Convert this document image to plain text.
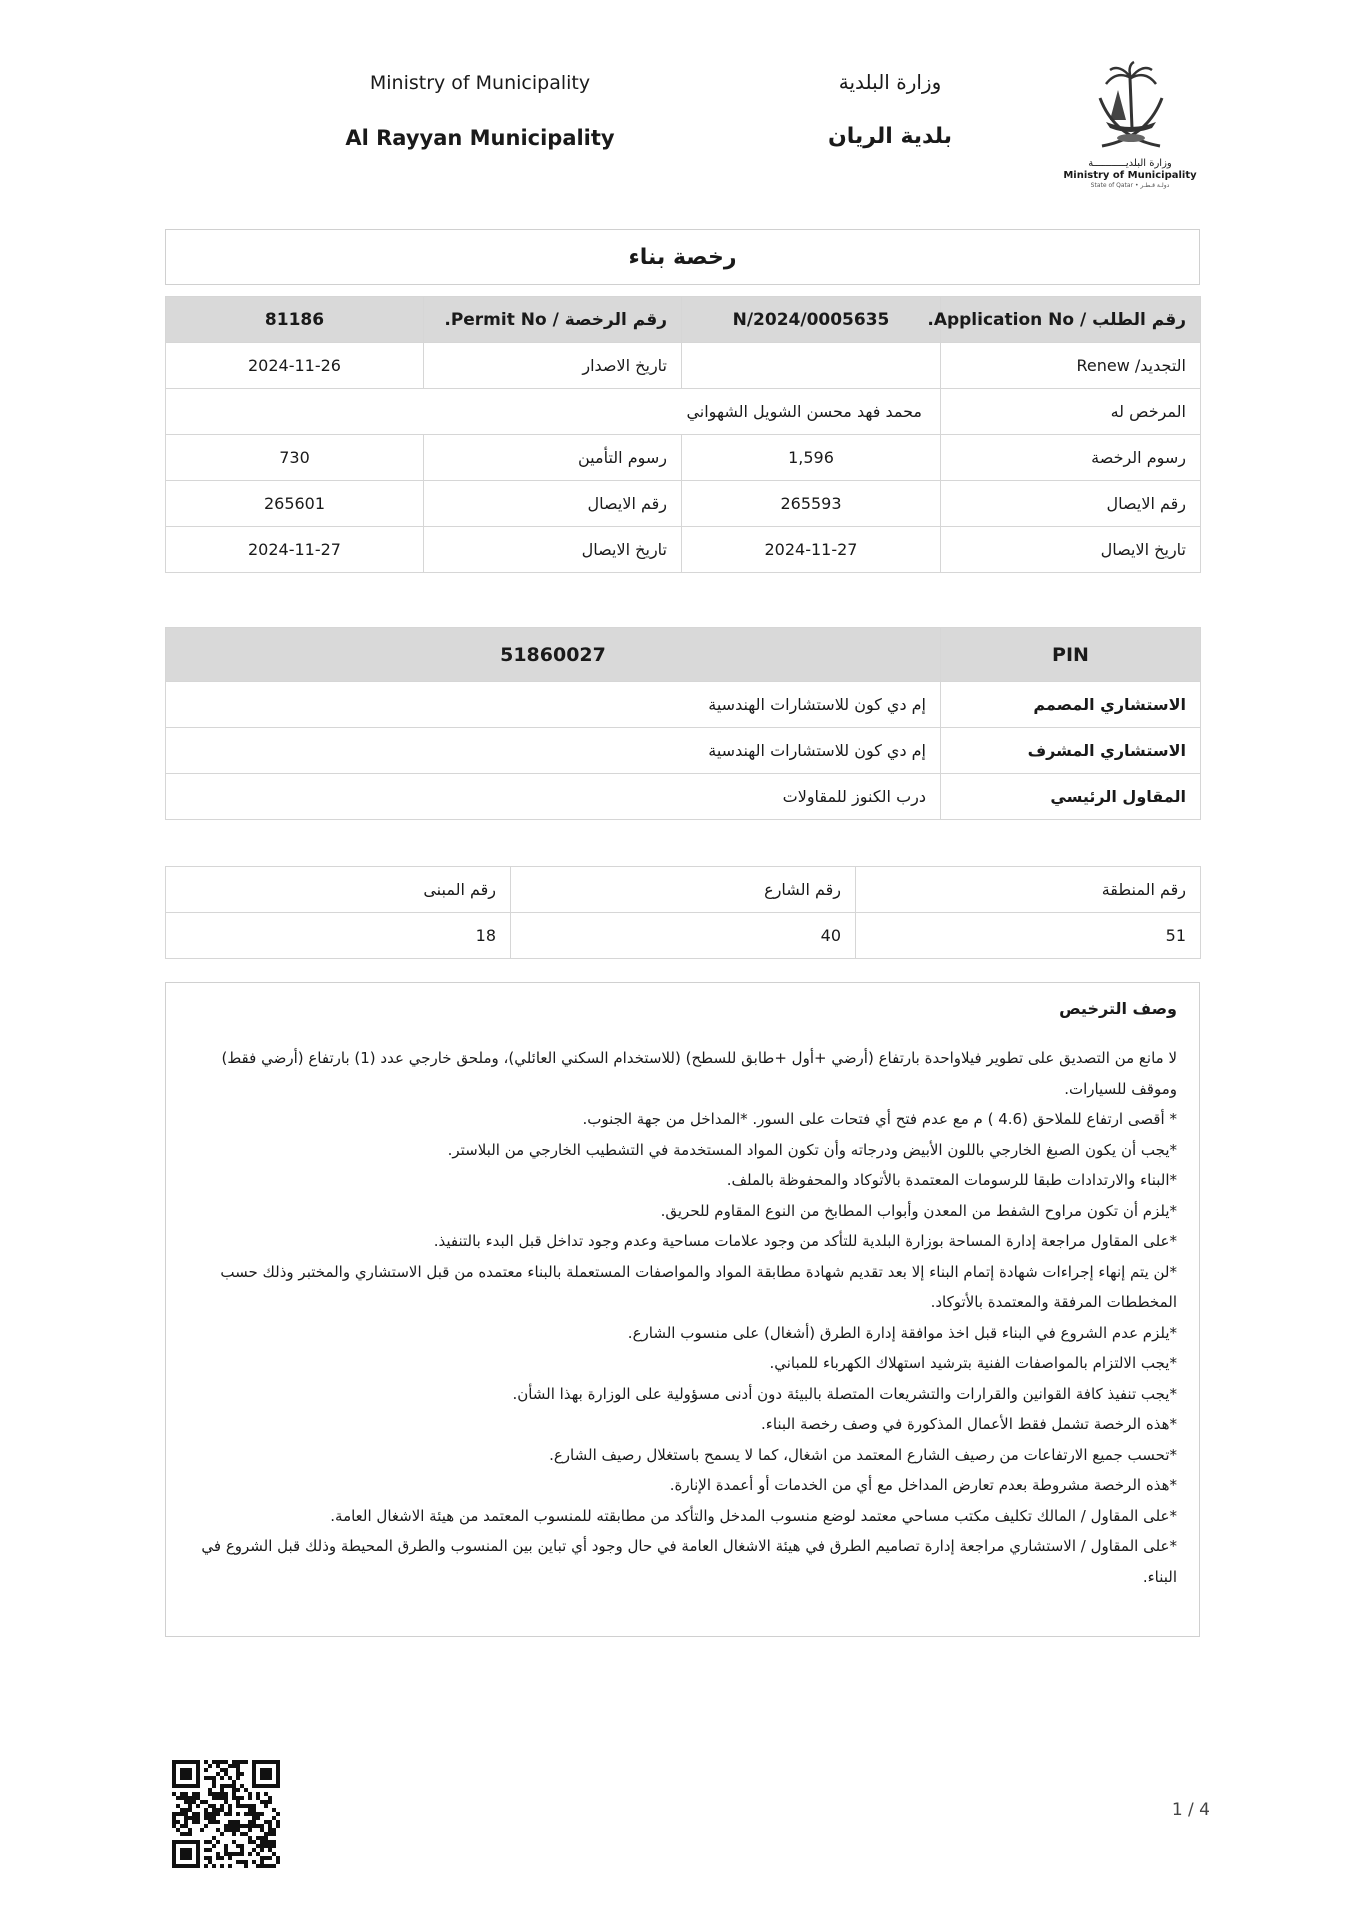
Ministry of Municipality
Al Rayyan Municipality
وزارة البلدية
بلدية الريان
وزارة البلديـــــــــــة
Ministry of Municipality
State of Qatar • دولـة قـطـر
رخصة بناء
81186	رقم الرخصة / Permit No.	N/2024/0005635	رقم الطلب / Application No.
2024-11-26	تاريخ الاصدار		التجديد/ Renew
محمد فهد محسن الشويل الشهواني			المرخص له
730	رسوم التأمين	1,596	رسوم الرخصة
265601	رقم الايصال	265593	رقم الايصال
2024-11-27	تاريخ الايصال	2024-11-27	تاريخ الايصال
51860027	PIN
إم دي كون للاستشارات الهندسية	الاستشاري المصمم
إم دي كون للاستشارات الهندسية	الاستشاري المشرف
درب الكنوز للمقاولات	المقاول الرئيسي
رقم المبنى	رقم الشارع	رقم المنطقة
18	40	51
وصف الترخيص
لا مانع من التصديق على تطوير فيلاواحدة بارتفاع (أرضي +أول +طابق للسطح) (للاستخدام السكني العائلي)، وملحق خارجي عدد (1) بارتفاع (أرضي فقط) وموقف للسيارات.
* أقصى ارتفاع للملاحق (4.6 ) م مع عدم فتح أي فتحات على السور. *المداخل من جهة الجنوب.
*يجب أن يكون الصبغ الخارجي باللون الأبيض ودرجاته وأن تكون المواد المستخدمة في التشطيب الخارجي من البلاستر.
*البناء والارتدادات طبقا للرسومات المعتمدة بالأتوكاد والمحفوظة بالملف.
*يلزم أن تكون مراوح الشفط من المعدن وأبواب المطابخ من النوع المقاوم للحريق.
*على المقاول مراجعة إدارة المساحة بوزارة البلدية للتأكد من وجود علامات مساحية وعدم وجود تداخل قبل البدء بالتنفيذ.
*لن يتم إنهاء إجراءات شهادة إتمام البناء إلا بعد تقديم شهادة مطابقة المواد والمواصفات المستعملة بالبناء معتمده من قبل الاستشاري والمختبر وذلك حسب المخططات المرفقة والمعتمدة بالأتوكاد.
*يلزم عدم الشروع في البناء قبل اخذ موافقة إدارة الطرق (أشغال) على منسوب الشارع.
*يجب الالتزام بالمواصفات الفنية بترشيد استهلاك الكهرباء للمباني.
*يجب تنفيذ كافة القوانين والقرارات والتشريعات المتصلة بالبيئة دون أدنى مسؤولية على الوزارة بهذا الشأن.
*هذه الرخصة تشمل فقط الأعمال المذكورة في وصف رخصة البناء.
*تحسب جميع الارتفاعات من رصيف الشارع المعتمد من اشغال، كما لا يسمح باستغلال رصيف الشارع.
*هذه الرخصة مشروطة بعدم تعارض المداخل مع أي من الخدمات أو أعمدة الإنارة.
*على المقاول / المالك تكليف مكتب مساحي معتمد لوضع منسوب المدخل والتأكد من مطابقته للمنسوب المعتمد من هيئة الاشغال العامة.
*على المقاول / الاستشاري مراجعة إدارة تصاميم الطرق في هيئة الاشغال العامة في حال وجود أي تباين بين المنسوب والطرق المحيطة وذلك قبل الشروع في البناء.
1 / 4
